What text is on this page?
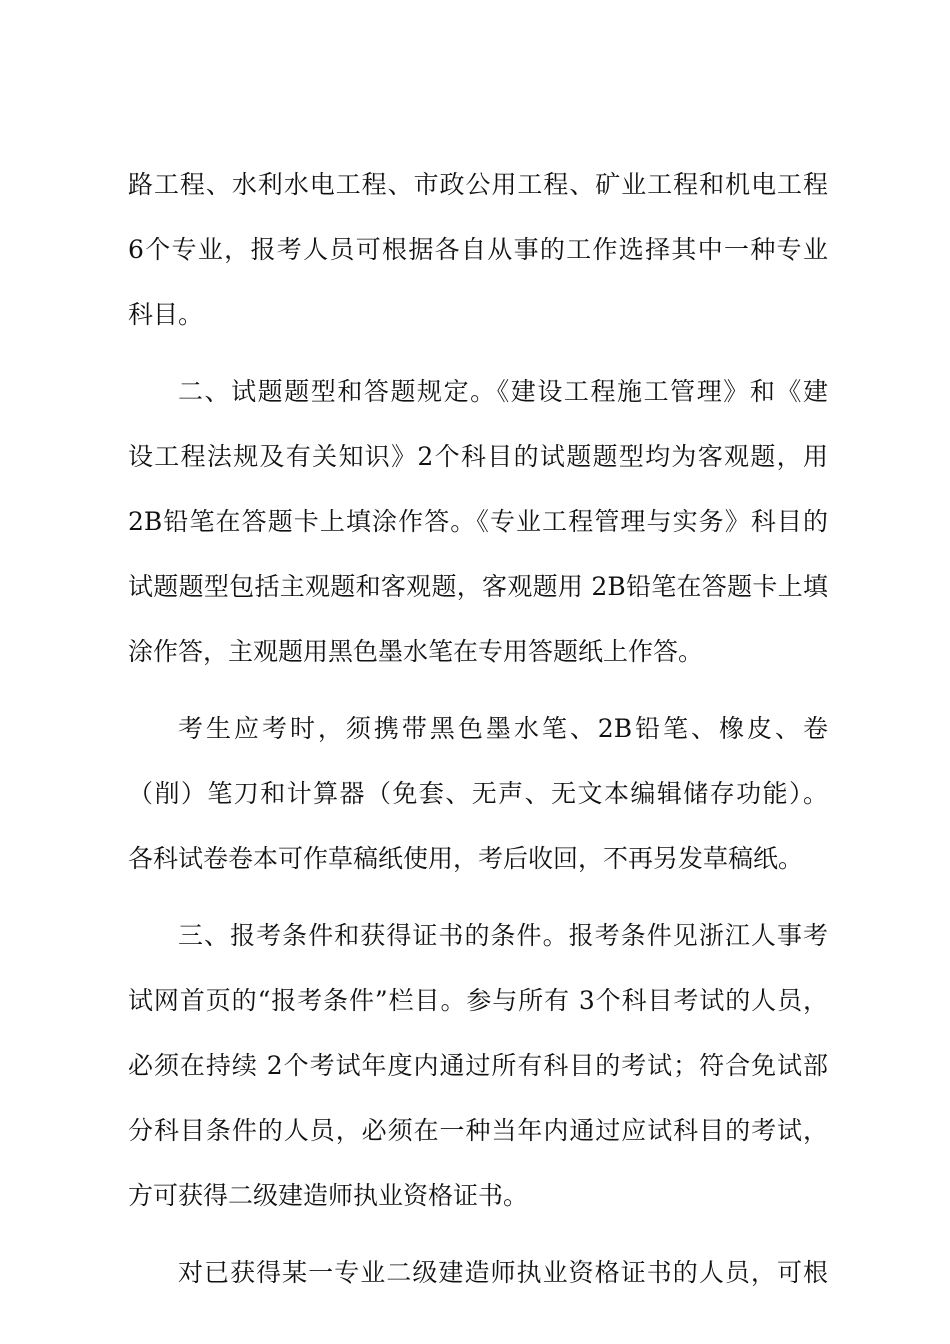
路工程、水利水电工程、市政公用工程、矿业工程和机电工程
6个专业，报考人员可根据各自从事的工作选择其中一种专业
科目。
二、试题题型和答题规定。《建设工程施工管理》和《建
设工程法规及有关知识》2个科目的试题题型均为客观题，用
2B铅笔在答题卡上填涂作答。《专业工程管理与实务》科目的
试题题型包括主观题和客观题，客观题用 2B铅笔在答题卡上填
涂作答，主观题用黑色墨水笔在专用答题纸上作答。
考生应考时，须携带黑色墨水笔、2B铅笔、橡皮、卷
（削）笔刀和计算器（免套、无声、无文本编辑储存功能）。
各科试卷卷本可作草稿纸使用，考后收回，不再另发草稿纸。
三、报考条件和获得证书的条件。报考条件见浙江人事考
试网首页的“报考条件”栏目。参与所有 3个科目考试的人员，
必须在持续 2个考试年度内通过所有科目的考试；符合免试部
分科目条件的人员，必须在一种当年内通过应试科目的考试，
方可获得二级建造师执业资格证书。
对已获得某一专业二级建造师执业资格证书的人员，可根
